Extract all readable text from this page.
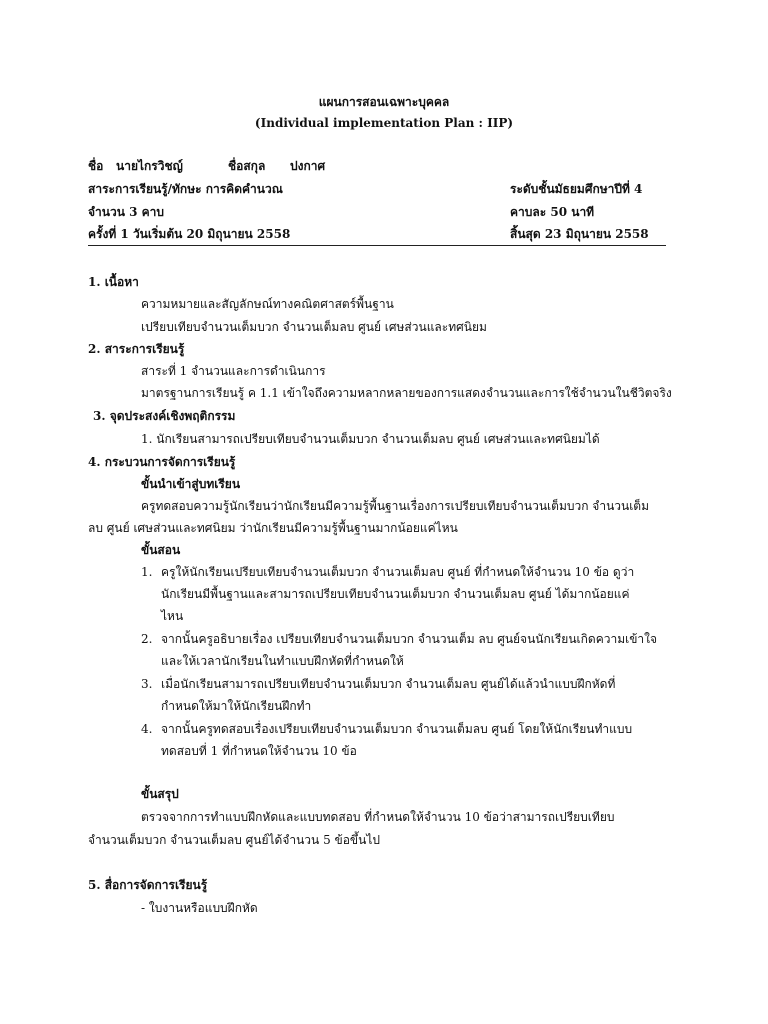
แผนการสอนเฉพาะบุคคล
(Individual implementation Plan : IIP)
ชื่อ นายไกรวิชญ์	ชื่อสกุล ปงกาศ
สาระการเรียนรู้/ทักษะ การคิดคำนวณ	ระดับชั้นมัธยมศึกษาปีที่ 4
จำนวน 3 คาบ	คาบละ 50 นาที
ครั้งที่ 1 วันเริ่มต้น 20 มิถุนายน 2558	สิ้นสุด 23 มิถุนายน 2558
1. เนื้อหา
ความหมายและสัญลักษณ์ทางคณิตศาสตร์พื้นฐาน
เปรียบเทียบจำนวนเต็มบวก จำนวนเต็มลบ ศูนย์ เศษส่วนและทศนิยม
2. สาระการเรียนรู้
สาระที่ 1 จำนวนและการดำเนินการ
มาตรฐานการเรียนรู้ ค 1.1 เข้าใจถึงความหลากหลายของการแสดงจำนวนและการใช้จำนวนในชีวิตจริง
3. จุดประสงค์เชิงพฤติกรรม
1. นักเรียนสามารถเปรียบเทียบจำนวนเต็มบวก จำนวนเต็มลบ ศูนย์ เศษส่วนและทศนิยมได้
4. กระบวนการจัดการเรียนรู้
ขั้นนำเข้าสู่บทเรียน
ครูทดสอบความรู้นักเรียนว่านักเรียนมีความรู้พื้นฐานเรื่องการเปรียบเทียบจำนวนเต็มบวก จำนวนเต็ม
ลบ ศูนย์ เศษส่วนและทศนิยม ว่านักเรียนมีความรู้พื้นฐานมากน้อยแค่ไหน
ขั้นสอน
1. ครูให้นักเรียนเปรียบเทียบจำนวนเต็มบวก จำนวนเต็มลบ ศูนย์ ที่กำหนดให้จำนวน 10 ข้อ ดูว่า
นักเรียนมีพื้นฐานและสามารถเปรียบเทียบจำนวนเต็มบวก จำนวนเต็มลบ ศูนย์ ได้มากน้อยแค่
ไหน
2. จากนั้นครูอธิบายเรื่อง เปรียบเทียบจำนวนเต็มบวก จำนวนเต็ม ลบ ศูนย์จนนักเรียนเกิดความเข้าใจ
และให้เวลานักเรียนในทำแบบฝึกหัดที่กำหนดให้
3. เมื่อนักเรียนสามารถเปรียบเทียบจำนวนเต็มบวก จำนวนเต็มลบ ศูนย์ได้แล้วนำแบบฝึกหัดที่
กำหนดให้มาให้นักเรียนฝึกทำ
4. จากนั้นครูทดสอบเรื่องเปรียบเทียบจำนวนเต็มบวก จำนวนเต็มลบ ศูนย์ โดยให้นักเรียนทำแบบ
ทดสอบที่ 1 ที่กำหนดให้จำนวน 10 ข้อ
ขั้นสรุป
ตรวจจากการทำแบบฝึกหัดและแบบทดสอบ ที่กำหนดให้จำนวน 10 ข้อว่าสามารถเปรียบเทียบ
จำนวนเต็มบวก จำนวนเต็มลบ ศูนย์ได้จำนวน 5 ข้อขึ้นไป
5. สื่อการจัดการเรียนรู้
- ใบงานหรือแบบฝึกหัด
